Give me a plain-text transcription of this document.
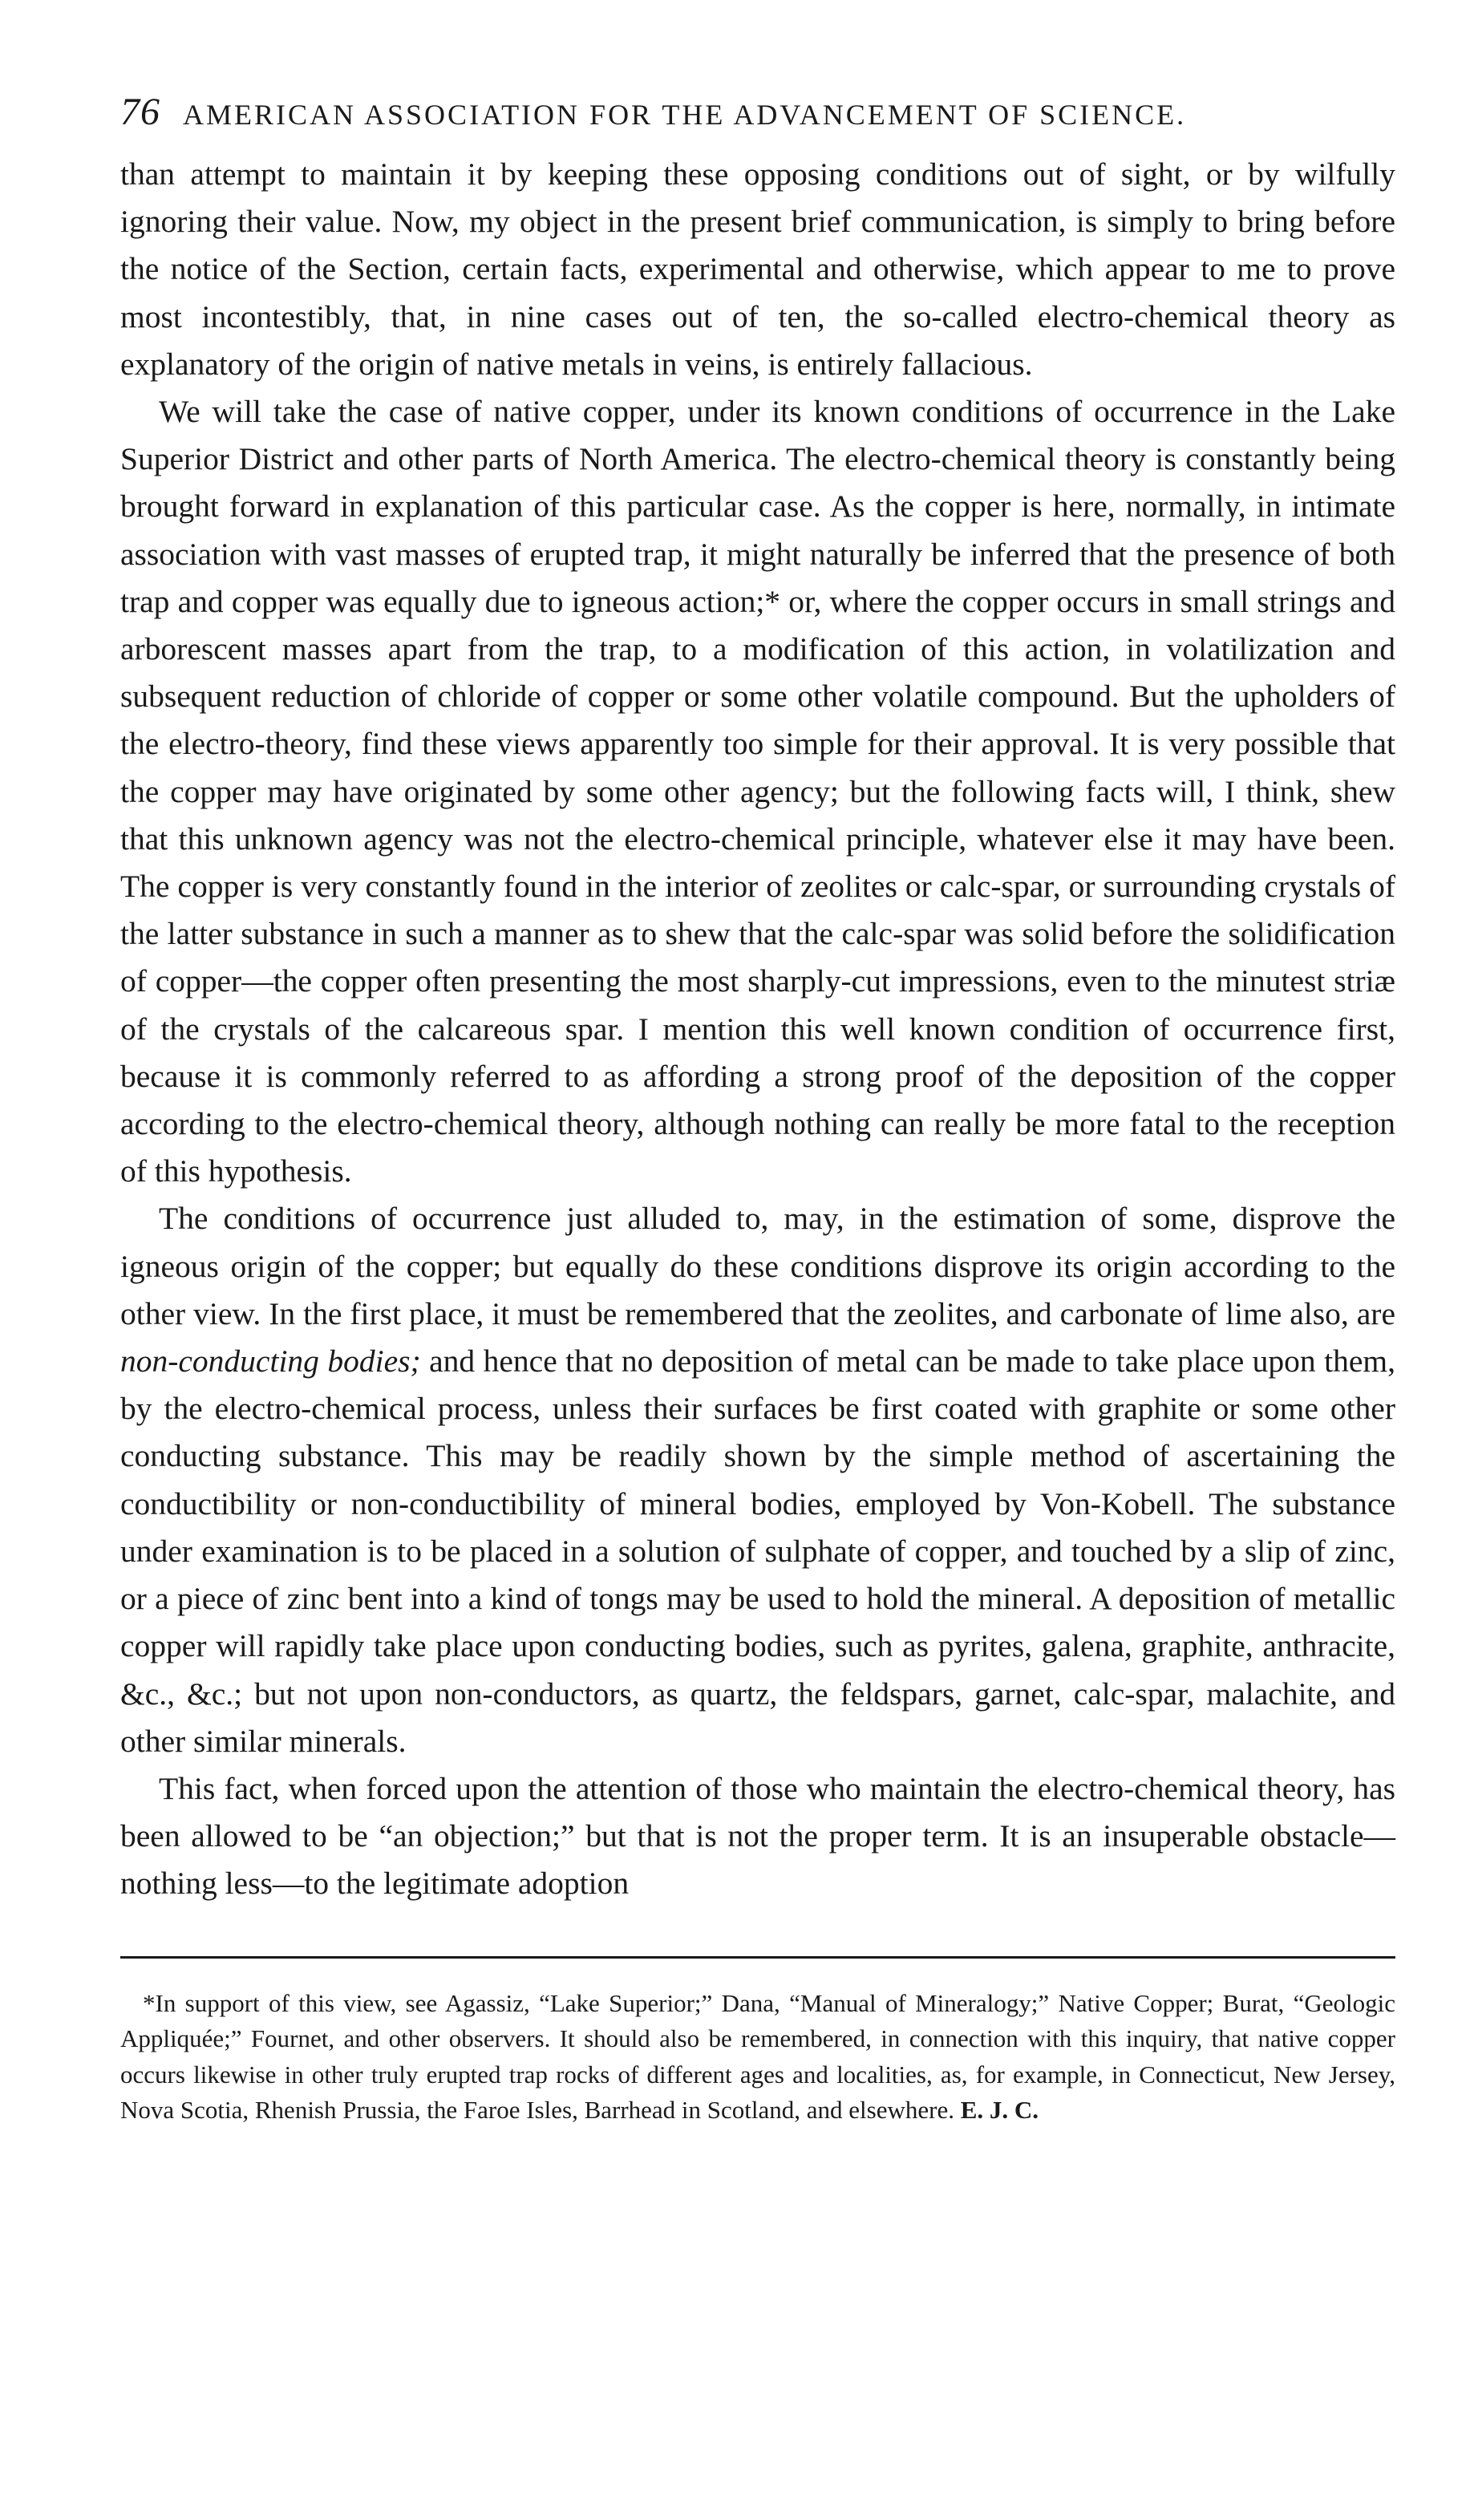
76 AMERICAN ASSOCIATION FOR THE ADVANCEMENT OF SCIENCE.

than attempt to maintain it by keeping these opposing conditions out of sight, or by wilfully ignoring their value. Now, my object in the present brief communication, is simply to bring before the notice of the Section, certain facts, experimental and otherwise, which appear to me to prove most incontestibly, that, in nine cases out of ten, the so-called electro-chemical theory as explanatory of the origin of native metals in veins, is entirely fallacious.

We will take the case of native copper, under its known conditions of occurrence in the Lake Superior District and other parts of North America. The electro-chemical theory is constantly being brought forward in explanation of this particular case. As the copper is here, normally, in intimate association with vast masses of erupted trap, it might naturally be inferred that the presence of both trap and copper was equally due to igneous action;* or, where the copper occurs in small strings and arborescent masses apart from the trap, to a modification of this action, in volatilization and subsequent reduction of chloride of copper or some other volatile compound. But the upholders of the electro-theory, find these views apparently too simple for their approval. It is very possible that the copper may have originated by some other agency; but the following facts will, I think, shew that this unknown agency was not the electro-chemical principle, whatever else it may have been. The copper is very constantly found in the interior of zeolites or calc-spar, or surrounding crystals of the latter substance in such a manner as to shew that the calc-spar was solid before the solidification of copper—the copper often presenting the most sharply-cut impressions, even to the minutest striæ of the crystals of the calcareous spar. I mention this well known condition of occurrence first, because it is commonly referred to as affording a strong proof of the deposition of the copper according to the electro-chemical theory, although nothing can really be more fatal to the reception of this hypothesis.

The conditions of occurrence just alluded to, may, in the estimation of some, disprove the igneous origin of the copper; but equally do these conditions disprove its origin according to the other view. In the first place, it must be remembered that the zeolites, and carbonate of lime also, are non-conducting bodies; and hence that no deposition of metal can be made to take place upon them, by the electro-chemical process, unless their surfaces be first coated with graphite or some other conducting substance. This may be readily shown by the simple method of ascertaining the conductibility or non-conductibility of mineral bodies, employed by Von-Kobell. The substance under examination is to be placed in a solution of sulphate of copper, and touched by a slip of zinc, or a piece of zinc bent into a kind of tongs may be used to hold the mineral. A deposition of metallic copper will rapidly take place upon conducting bodies, such as pyrites, galena, graphite, anthracite, &c., &c.; but not upon non-conductors, as quartz, the feldspars, garnet, calc-spar, malachite, and other similar minerals.

This fact, when forced upon the attention of those who maintain the electro-chemical theory, has been allowed to be “an objection;” but that is not the proper term. It is an insuperable obstacle—nothing less—to the legitimate adoption

*In support of this view, see Agassiz, “Lake Superior;” Dana, “Manual of Mineralogy;” Native Copper; Burat, “Geologic Appliquée;” Fournet, and other observers. It should also be remembered, in connection with this inquiry, that native copper occurs likewise in other truly erupted trap rocks of different ages and localities, as, for example, in Connecticut, New Jersey, Nova Scotia, Rhenish Prussia, the Faroe Isles, Barrhead in Scotland, and elsewhere. E. J. C.
